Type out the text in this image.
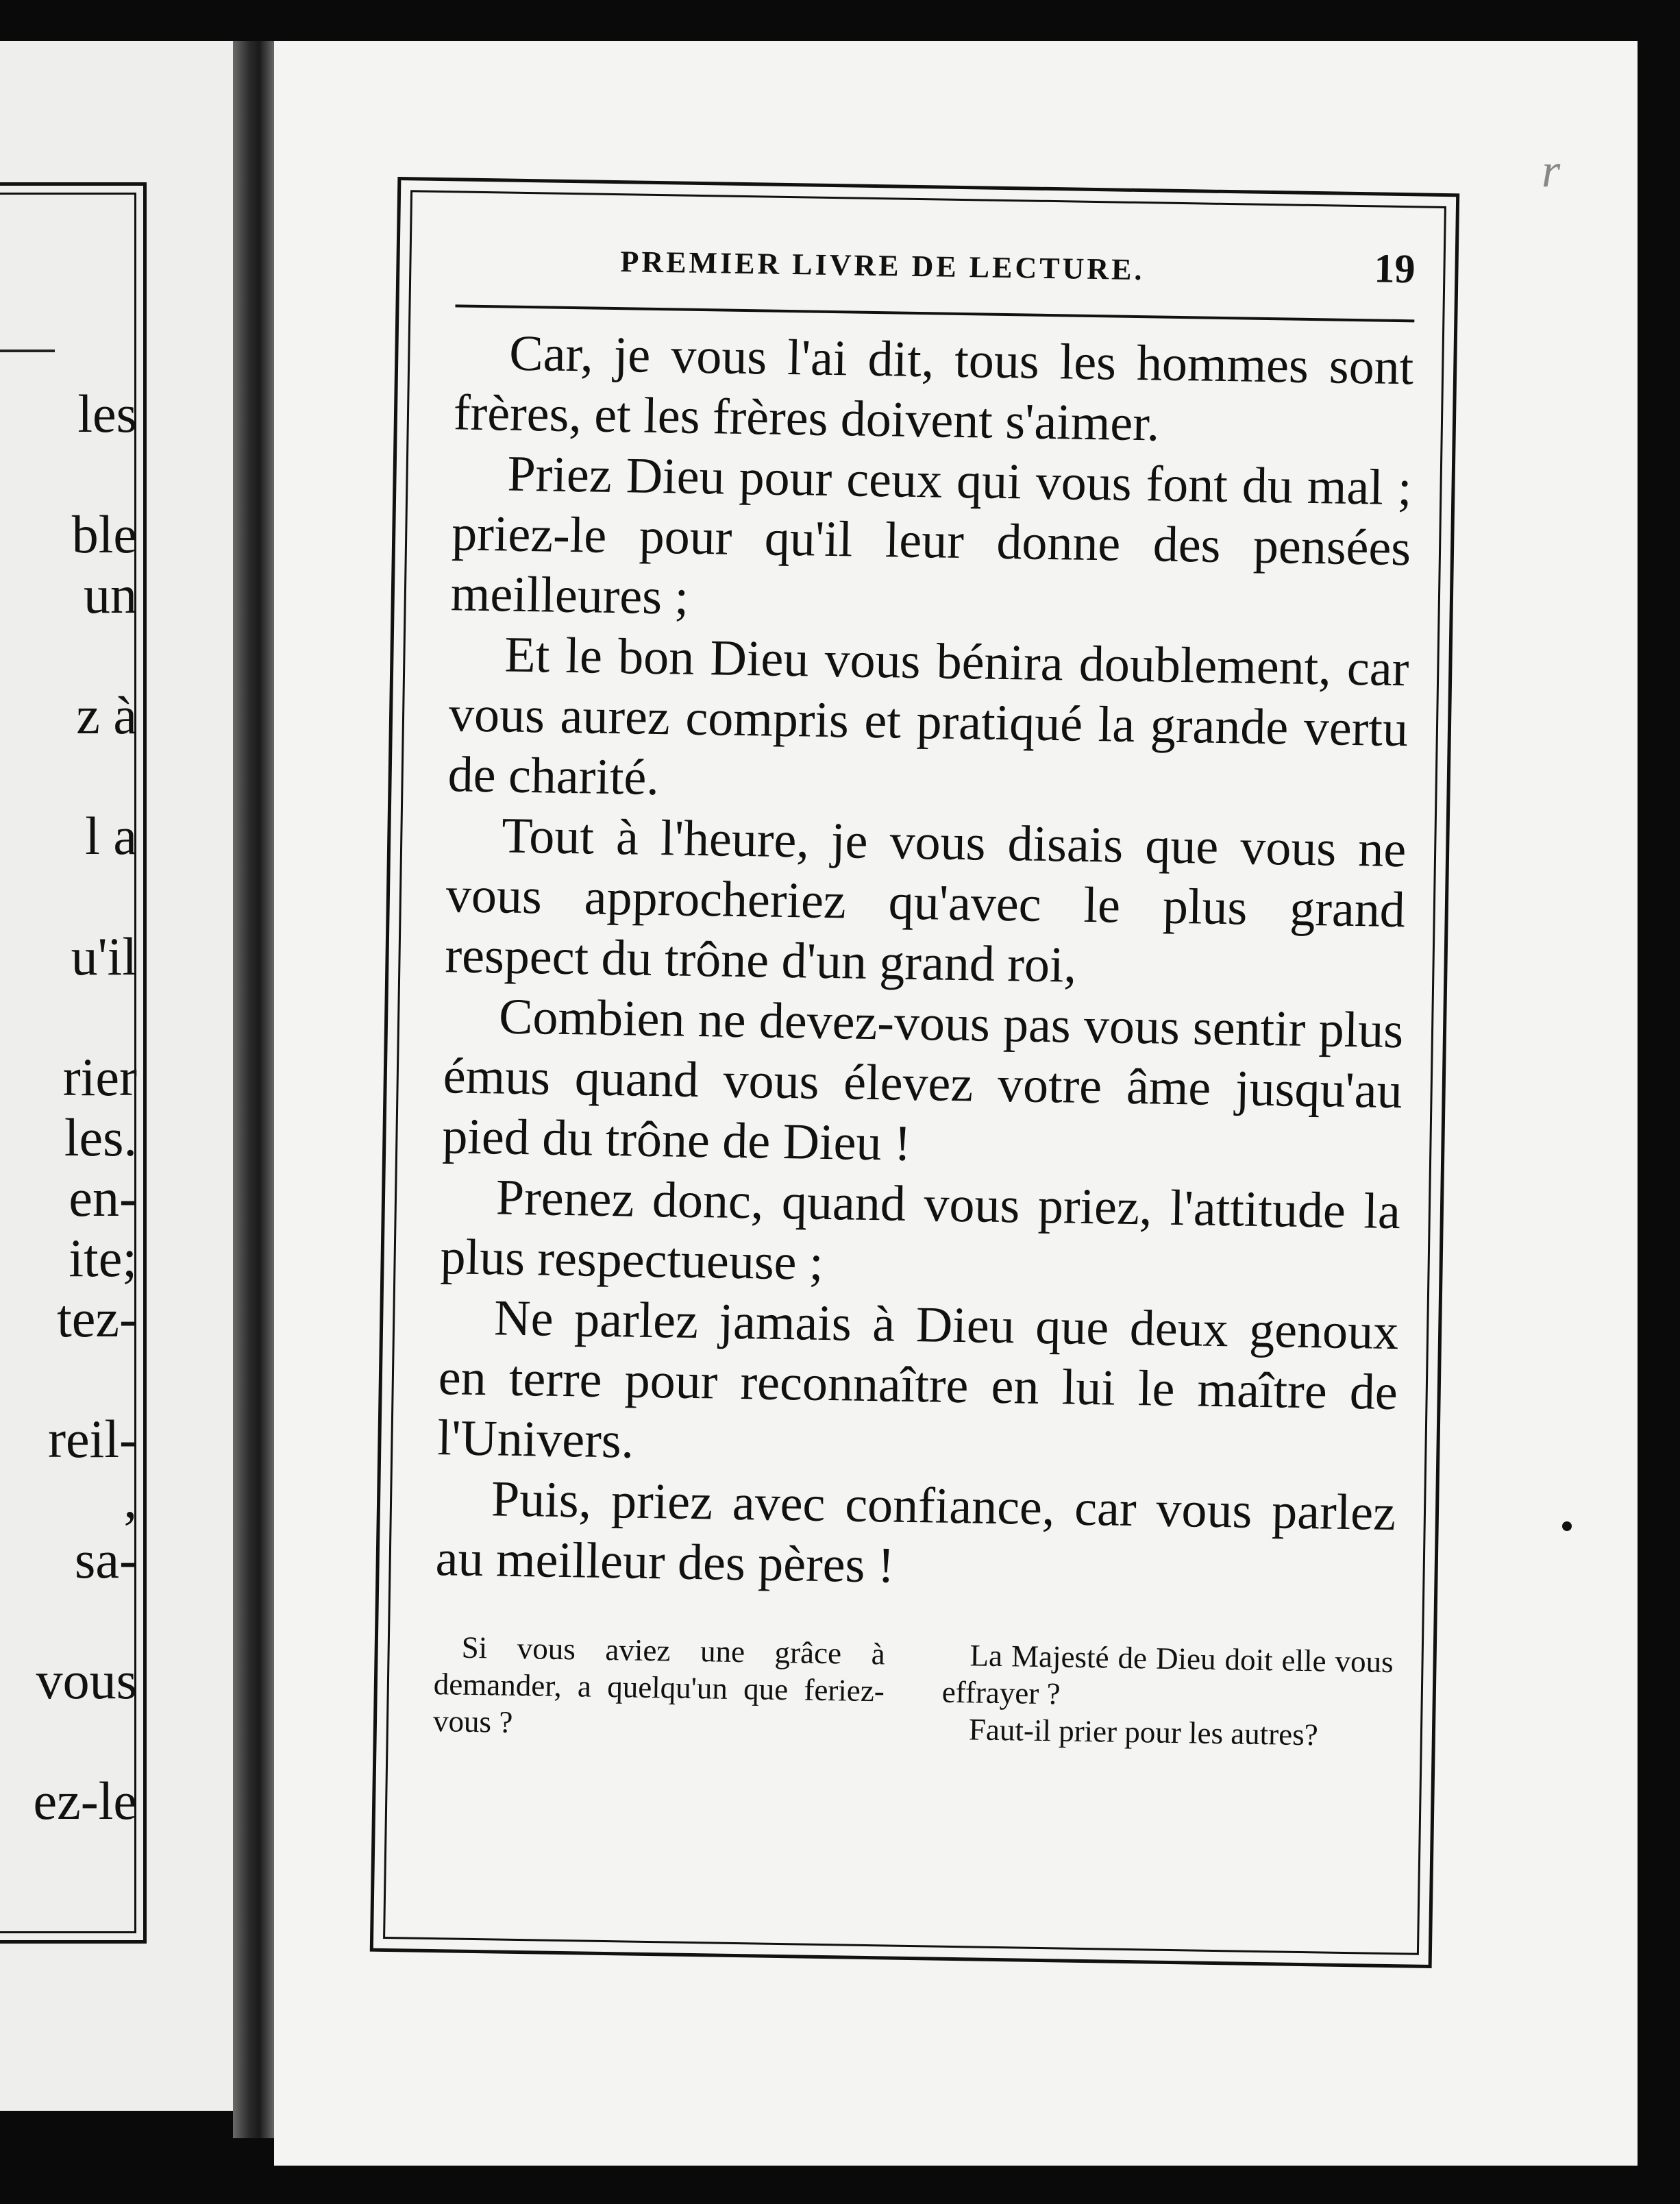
les
ble
un
z à
l a
u'il
rier
les.
en-
ite;
tez-
reil-
,
sa-
vous
ez-le
r
PREMIER LIVRE DE LECTURE.	19

Car, je vous l'ai dit, tous les hommes sont frères, et les frères doivent s'aimer.

Priez Dieu pour ceux qui vous font du mal ; priez-le pour qu'il leur donne des pensées meilleures ;

Et le bon Dieu vous bénira doublement, car vous aurez compris et pratiqué la grande vertu de charité.

Tout à l'heure, je vous disais que vous ne vous approcheriez qu'avec le plus grand respect du trône d'un grand roi,

Combien ne devez-vous pas vous sentir plus émus quand vous élevez votre âme jusqu'au pied du trône de Dieu !

Prenez donc, quand vous priez, l'attitude la plus respectueuse ;

Ne parlez jamais à Dieu que deux genoux en terre pour reconnaître en lui le maître de l'Univers.

Puis, priez avec confiance, car vous parlez au meilleur des pères !

Si vous aviez une grâce à demander, a quelqu'un que feriez-vous ?

La Majesté de Dieu doit elle vous effrayer ?

Faut-il prier pour les autres?
